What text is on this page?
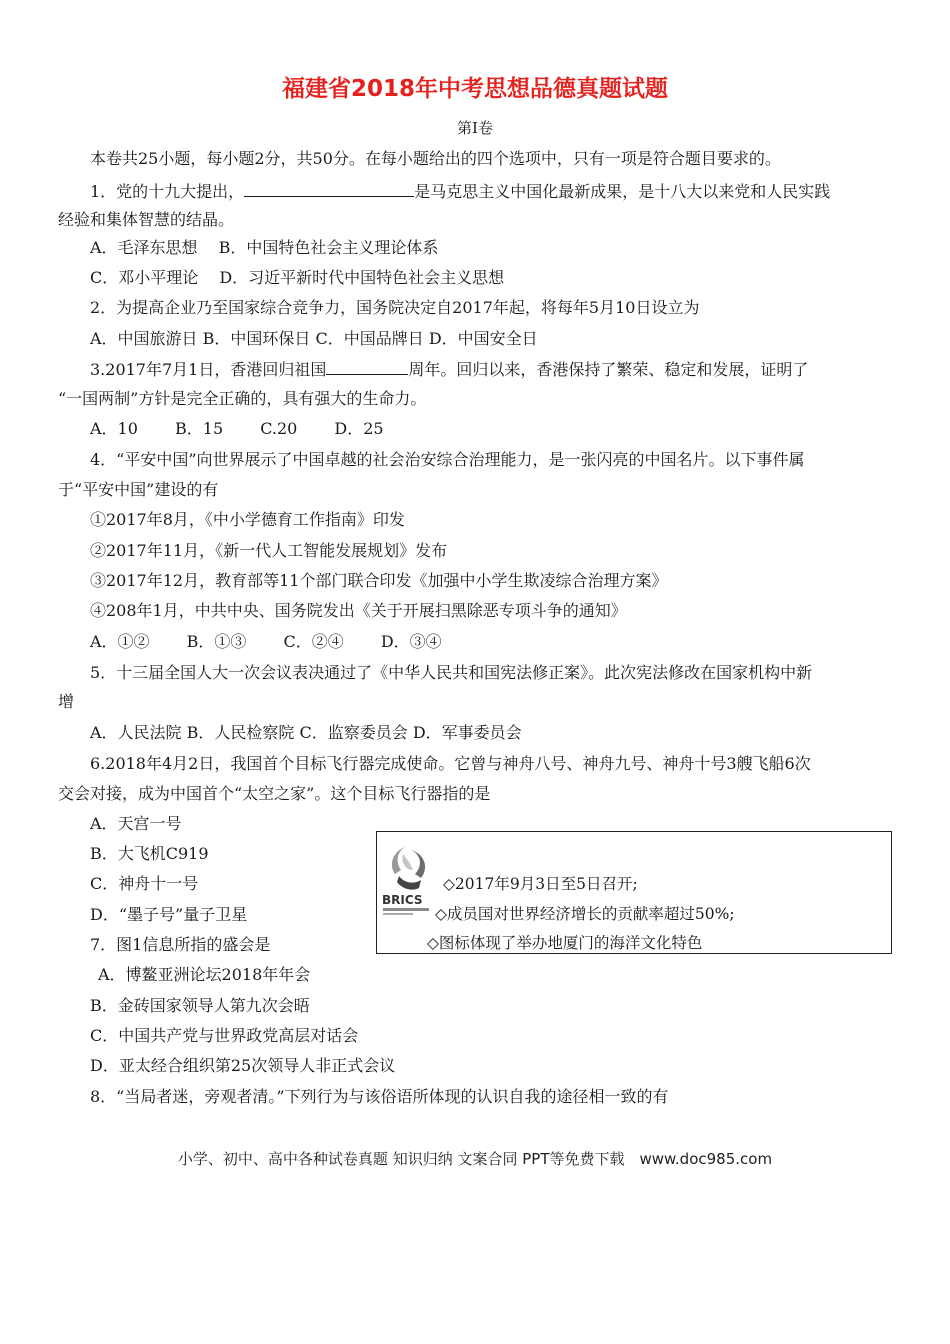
福建省2018年中考思想品德真题试题
第Ⅰ卷
本卷共25小题，每小题2分，共50分。在每小题给出的四个选项中，只有一项是符合题目要求的。
1．党的十九大提出，	是马克思主义中国化最新成果，是十八大以来党和人民实践
经验和集体智慧的结晶。
A．毛泽东思想　 B．中国特色社会主义理论体系
C．邓小平理论　 D．习近平新时代中国特色社会主义思想
2．为提高企业乃至国家综合竞争力，国务院决定自2017年起，将每年5月10日设立为
A．中国旅游日 B．中国环保日 C．中国品牌日 D．中国安全日
3.2017年7月1日，香港回归祖国	周年。回归以来，香港保持了繁荣、稳定和发展，证明了
“一国两制”方针是完全正确的，具有强大的生命力。
A．10　　 B．15　　 C.20　　 D．25
4．“平安中国”向世界展示了中国卓越的社会治安综合治理能力，是一张闪亮的中国名片。以下事件属
于“平安中国”建设的有
①2017年8月，《中小学德育工作指南》印发
②2017年11月，《新一代人工智能发展规划》发布
③2017年12月，教育部等11个部门联合印发《加强中小学生欺凌综合治理方案》
④208年1月，中共中央、国务院发出《关于开展扫黑除恶专项斗争的通知》
A．①②　　 B．①③　　 C．②④　　 D．③④
5．十三届全国人大一次会议表决通过了《中华人民共和国宪法修正案》。此次宪法修改在国家机构中新
增
A．人民法院 B．人民检察院 C．监察委员会 D．军事委员会
6.2018年4月2日，我国首个目标飞行器完成使命。它曾与神舟八号、神舟九号、神舟十号3艘飞船6次
交会对接，成为中国首个“太空之家”。这个目标飞行器指的是
A．天宫一号
B．大飞机C919
C．神舟十一号
D．“墨子号”量子卫星
BRICS
◇2017年9月3日至5日召开;
◇成员国对世界经济增长的贡献率超过50%;
◇图标体现了举办地厦门的海洋文化特色
7．图1信息所指的盛会是
A．博鳌亚洲论坛2018年年会
B．金砖国家领导人第九次会晤
C．中国共产党与世界政党高层对话会
D．亚太经合组织第25次领导人非正式会议
8．“当局者迷，旁观者清。”下列行为与该俗语所体现的认识自我的途径相一致的有
小学、初中、高中各种试卷真题 知识归纳 文案合同 PPT等免费下载　www.doc985.com
